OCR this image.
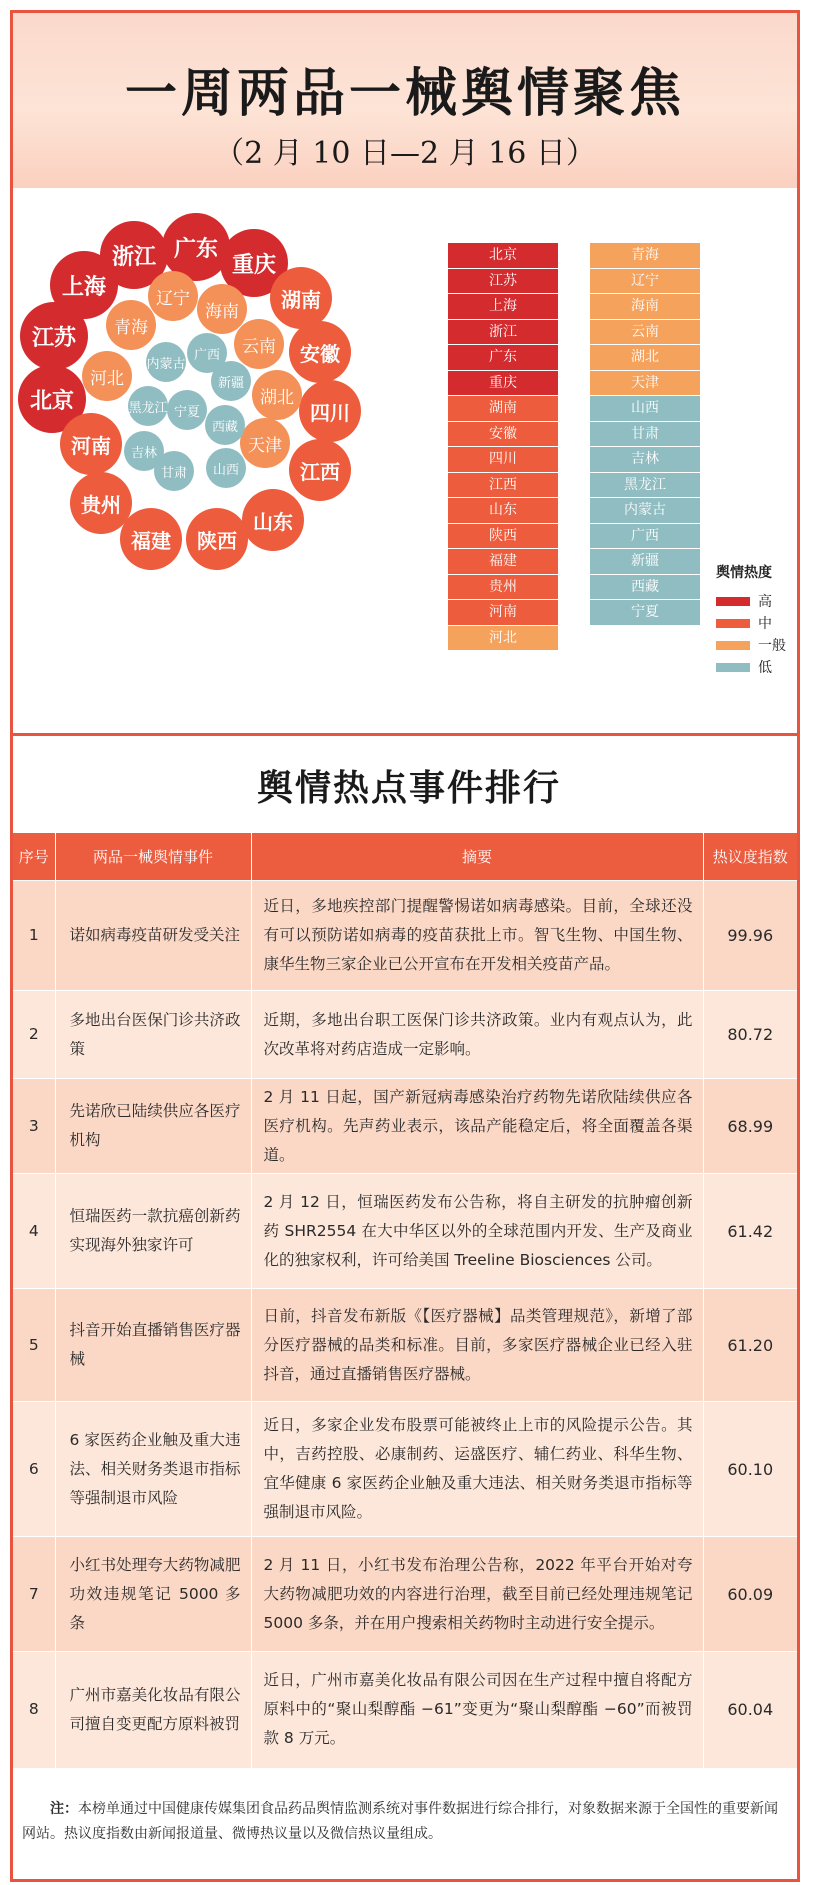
一周两品一械舆情聚焦
（2 月 10 日—2 月 16 日）
北京
江苏
上海
浙江 广东
重庆
湖南
安徽
四川
江西
山东
陕西
福建
贵州
河南
河北
青海
辽宁
海南
云南
湖北
天津
内蒙古
广西
新疆
黑龙江 宁夏
西藏
吉林
甘肃	山西
北京
江苏
上海
浙江
广东
重庆
湖南
安徽
四川
江西
山东
陕西
福建
贵州
河南
河北
青海
辽宁
海南
云南
湖北
天津
山西
甘肃
吉林
黑龙江
内蒙古
广西
新疆
西藏
宁夏
舆情热度
高
中
一般
低
舆情热点事件排行
序号	两品一械舆情事件	摘要	热议度指数
1	诺如病毒疫苗研发受关注	近日，多地疾控部门提醒警惕诺如病毒感染。目前，全球还没有可以预防诺如病毒的疫苗获批上市。智飞生物、中国生物、康华生物三家企业已公开宣布在开发相关疫苗产品。	99.96
2	多地出台医保门诊共济政策	近期，多地出台职工医保门诊共济政策。业内有观点认为，此次改革将对药店造成一定影响。	80.72
3	先诺欣已陆续供应各医疗机构	2 月 11 日起，国产新冠病毒感染治疗药物先诺欣陆续供应各医疗机构。先声药业表示，该品产能稳定后，将全面覆盖各渠道。	68.99
4	恒瑞医药一款抗癌创新药实现海外独家许可	2 月 12 日，恒瑞医药发布公告称，将自主研发的抗肿瘤创新药 SHR2554 在大中华区以外的全球范围内开发、生产及商业化的独家权利，许可给美国 Treeline Biosciences 公司。	61.42
5	抖音开始直播销售医疗器械	日前，抖音发布新版《【医疗器械】品类管理规范》，新增了部分医疗器械的品类和标准。目前，多家医疗器械企业已经入驻抖音，通过直播销售医疗器械。	61.20
6	6 家医药企业触及重大违法、相关财务类退市指标等强制退市风险	近日，多家企业发布股票可能被终止上市的风险提示公告。其中，吉药控股、必康制药、运盛医疗、辅仁药业、科华生物、宜华健康 6 家医药企业触及重大违法、相关财务类退市指标等强制退市风险。	60.10
7	小红书处理夸大药物减肥功效违规笔记 5000 多条	2 月 11 日，小红书发布治理公告称，2022 年平台开始对夸大药物减肥功效的内容进行治理，截至目前已经处理违规笔记 5000 多条，并在用户搜索相关药物时主动进行安全提示。	60.09
8	广州市嘉美化妆品有限公司擅自变更配方原料被罚	近日，广州市嘉美化妆品有限公司因在生产过程中擅自将配方原料中的“聚山梨醇酯 −61”变更为“聚山梨醇酯 −60”而被罚款 8 万元。	60.04
注：本榜单通过中国健康传媒集团食品药品舆情监测系统对事件数据进行综合排行，对象数据来源于全国性的重要新闻网站。热议度指数由新闻报道量、微博热议量以及微信热议量组成。
